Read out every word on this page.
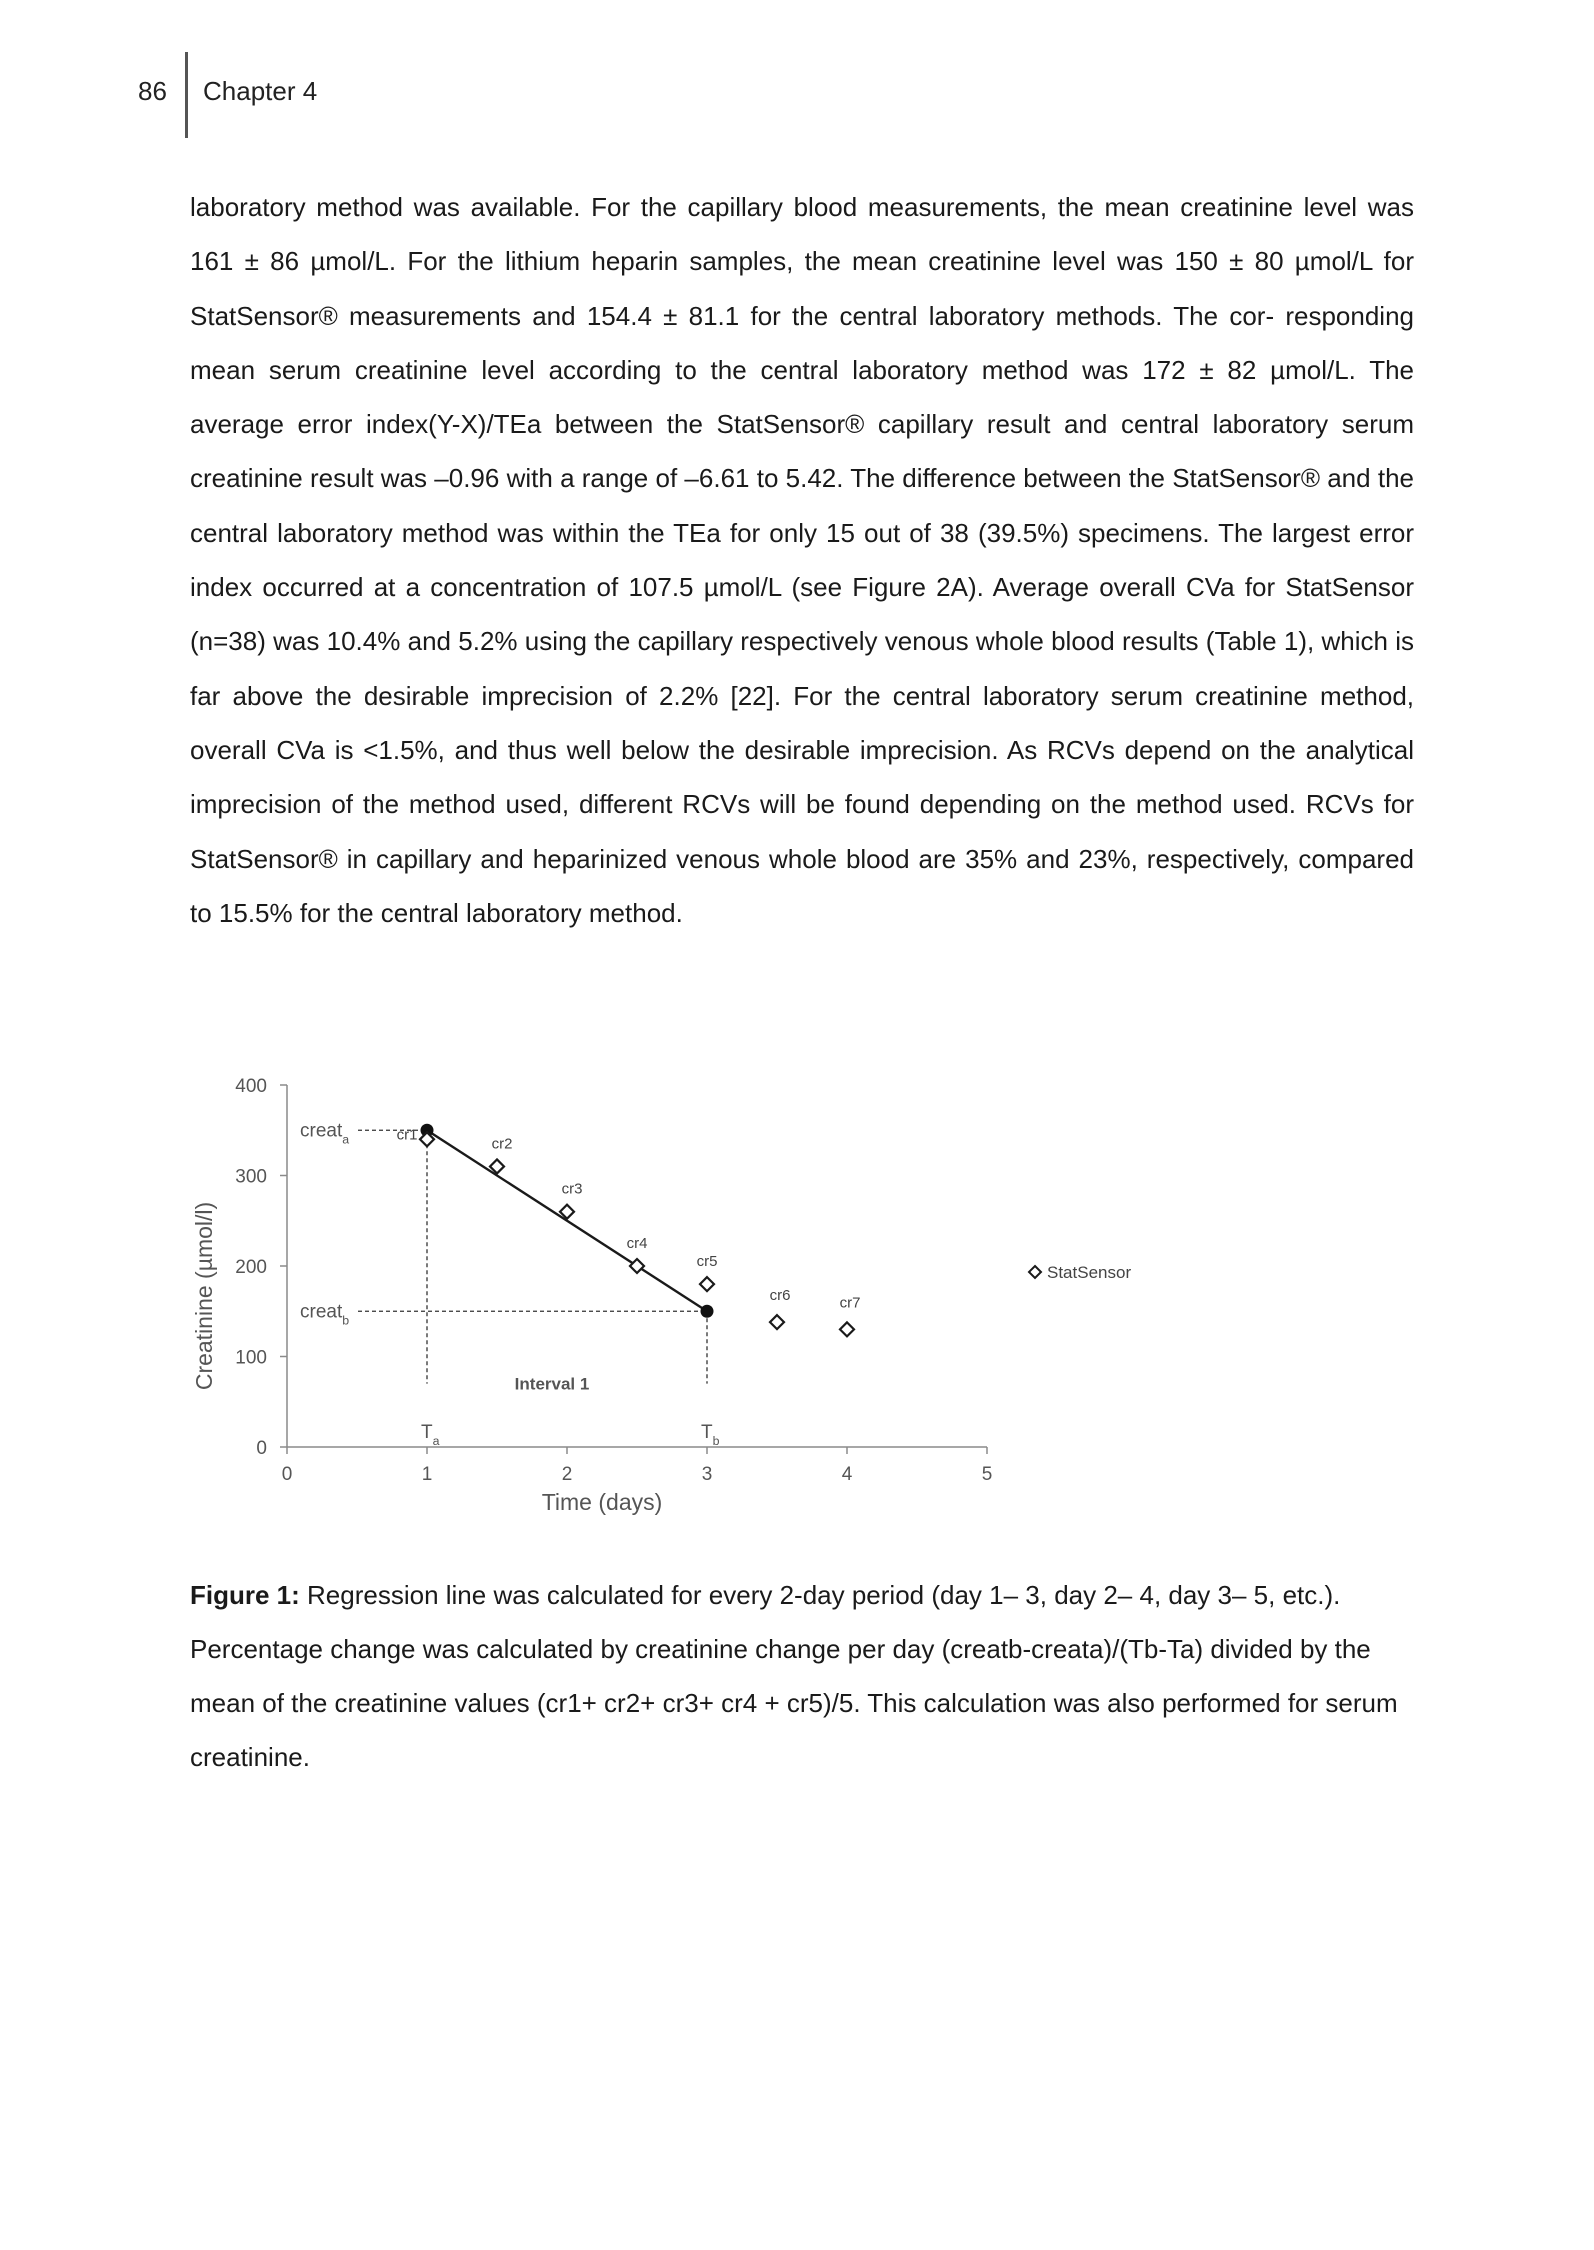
86 Chapter 4

laboratory method was available. For the capillary blood measurements, the mean creatinine level was 161 ± 86 µmol/L. For the lithium heparin samples, the mean creatinine level was 150 ± 80 µmol/L for StatSensor® measurements and 154.4 ± 81.1 for the central laboratory methods. The cor- responding mean serum creatinine level according to the central laboratory method was 172 ± 82 µmol/L. The average error index(Y-X)/TEa between the StatSensor® capillary result and central laboratory serum creatinine result was –0.96 with a range of –6.61 to 5.42. The difference between the StatSensor® and the central laboratory method was within the TEa for only 15 out of 38 (39.5%) specimens. The largest error index occurred at a concentration of 107.5 µmol/L (see Figure 2A). Average overall CVa for StatSensor (n=38) was 10.4% and 5.2% using the capillary respectively venous whole blood results (Table 1), which is far above the desirable imprecision of 2.2% [22]. For the central laboratory serum creatinine method, overall CVa is <1.5%, and thus well below the desirable imprecision. As RCVs depend on the analytical imprecision of the method used, different RCVs will be found depending on the method used. RCVs for StatSensor® in capillary and heparinized venous whole blood are 35% and 23%, respectively, compared to 15.5% for the central laboratory method.

0
100
200
300
400
0	1	2	3	4	5
Time (days)
Creatinine (µmol/l)
cr1
cr2
cr3
cr4
cr5
cr6	cr7
creat$_a$
creat$_b$
$T_a$	$T_b$
Interval 1
StatSensor

Figure 1: Regression line was calculated for every 2-day period (day 1– 3, day 2– 4, day 3– 5, etc.). Percentage change was calculated by creatinine change per day (creatb-creata)/(Tb-Ta) divided by the mean of the creatinine values (cr1+ cr2+ cr3+ cr4 + cr5)/5. This calculation was also performed for serum creatinine.
